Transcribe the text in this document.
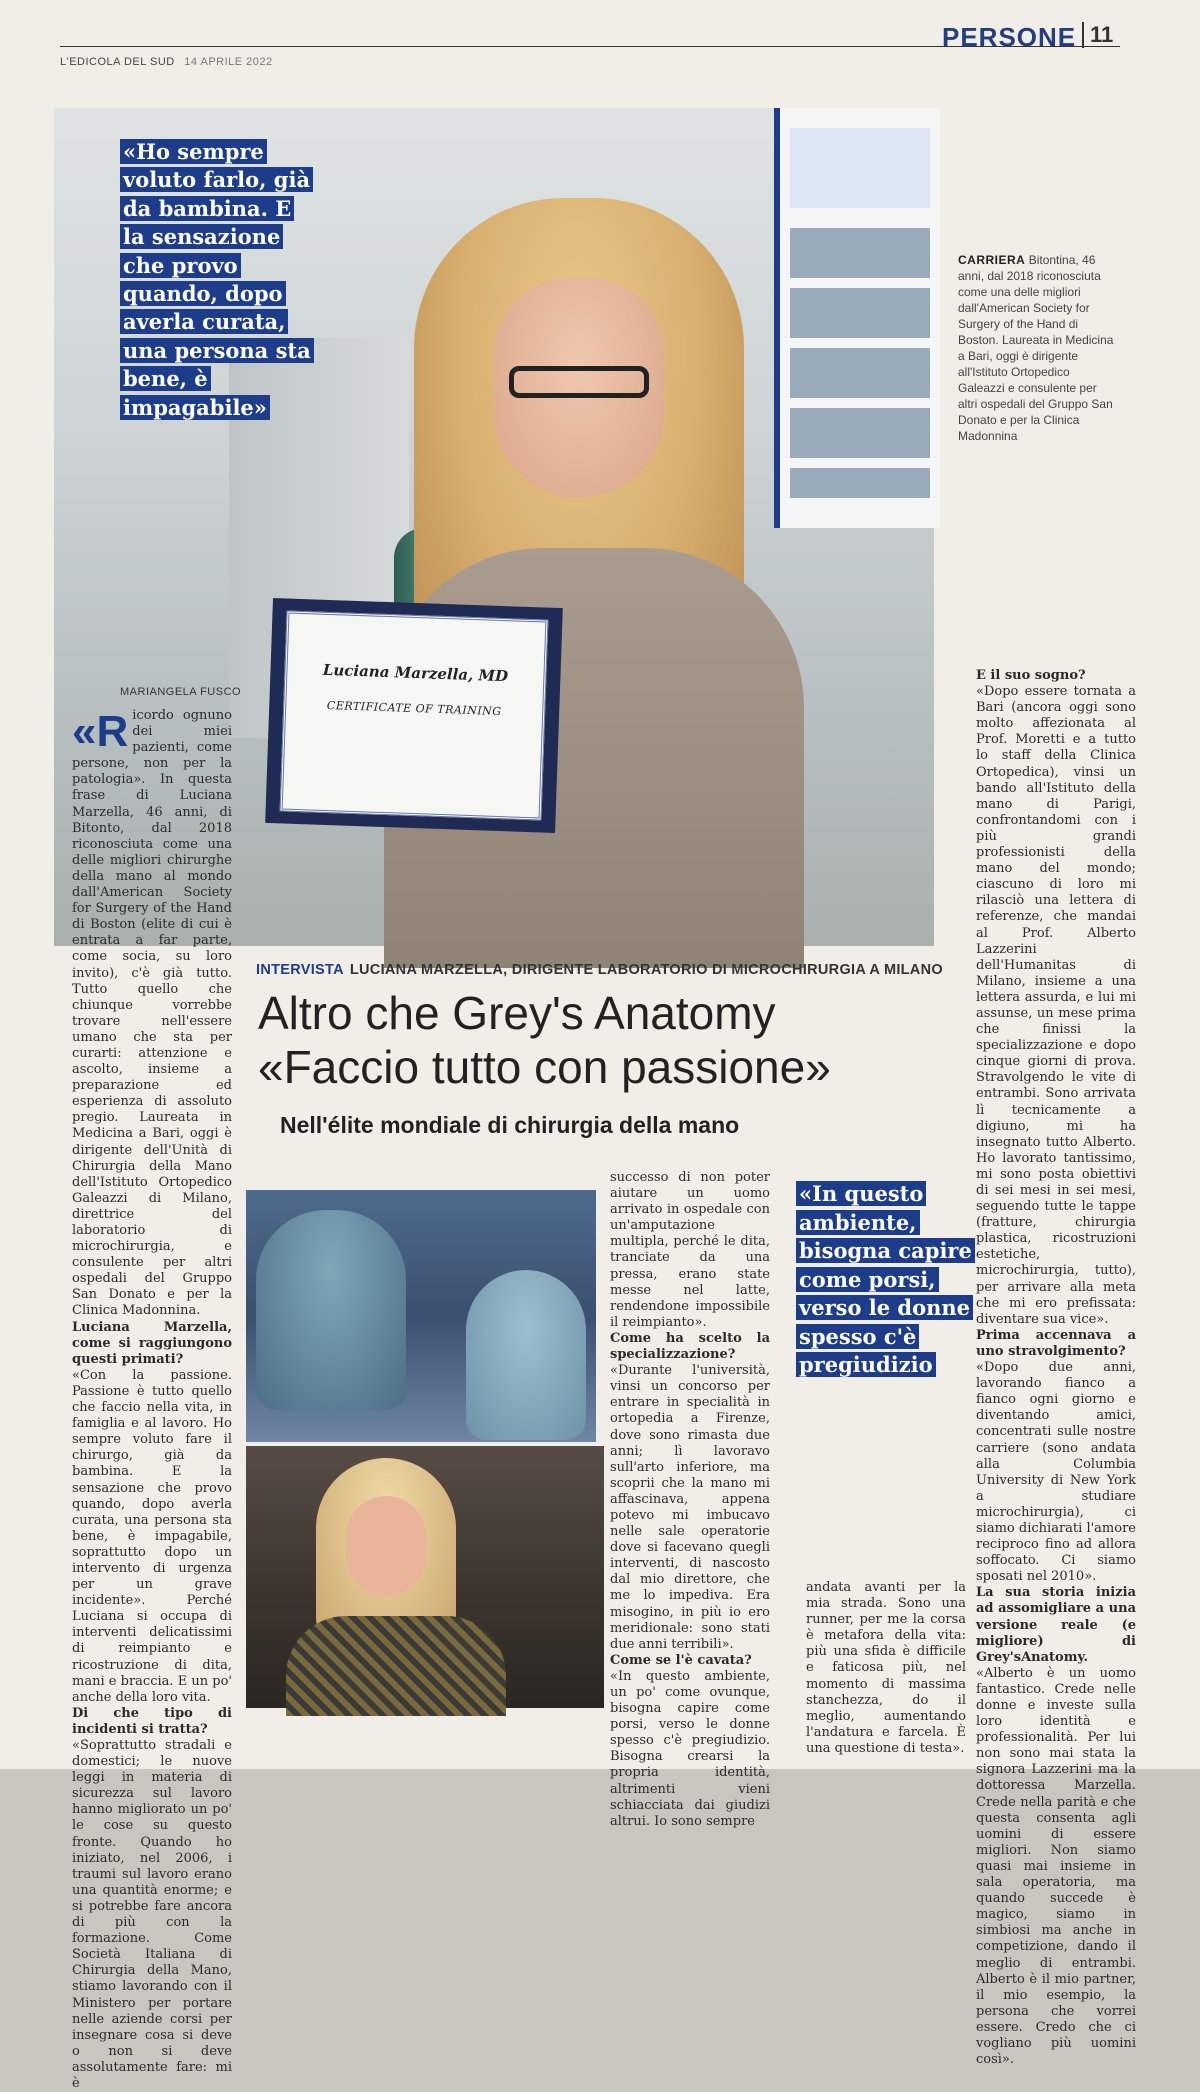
L'EDICOLA DEL SUD 14 APRILE 2022
PERSONE 11
Luciana Marzella, MD
CERTIFICATE OF TRAINING
«Ho sempre voluto farlo, già da bambina. E la sensazione che provo quando, dopo averla curata, una persona sta bene, è impagabile»
CARRIERA Bitontina, 46 anni, dal 2018 riconosciuta come una delle migliori dall'American Society for Surgery of the Hand di Boston. Laureata in Medicina a Bari, oggi è dirigente all'Istituto Ortopedico Galeazzi e consulente per altri ospedali del Gruppo San Donato e per la Clinica Madonnina
INTERVISTA LUCIANA MARZELLA, DIRIGENTE LABORATORIO DI MICROCHIRURGIA A MILANO
Altro che Grey's Anatomy
«Faccio tutto con passione»
Nell'élite mondiale di chirurgia della mano
MARIANGELA FUSCO

«Ricordo ognuno dei miei pazienti, come persone, non per la patologia». In questa frase di Luciana Marzella, 46 anni, di Bitonto, dal 2018 riconosciuta come una delle migliori chirurghe della mano al mondo dall'American Society for Surgery of the Hand di Boston (elite di cui è entrata a far parte, come socia, su loro invito), c'è già tutto. Tutto quello che chiunque vorrebbe trovare nell'essere umano che sta per curarti: attenzione e ascolto, insieme a preparazione ed esperienza di assoluto pregio. Laureata in Medicina a Bari, oggi è dirigente dell'Unità di Chirurgia della Mano dell'Istituto Ortopedico Galeazzi di Milano, direttrice del laboratorio di microchirurgia, e consulente per altri ospedali del Gruppo San Donato e per la Clinica Madonnina.

Luciana Marzella, come si raggiungono questi primati?

«Con la passione. Passione è tutto quello che faccio nella vita, in famiglia e al lavoro. Ho sempre voluto fare il chirurgo, già da bambina. E la sensazione che provo quando, dopo averla curata, una persona sta bene, è impagabile, soprattutto dopo un intervento di urgenza per un grave incidente». Perché Luciana si occupa di interventi delicatissimi di reimpianto e ricostruzione di dita, mani e braccia. E un po' anche della loro vita.

Di che tipo di incidenti si tratta?

«Soprattutto stradali e domestici; le nuove leggi in materia di sicurezza sul lavoro hanno migliorato un po' le cose su questo fronte. Quando ho iniziato, nel 2006, i traumi sul lavoro erano una quantità enorme; e si potrebbe fare ancora di più con la formazione. Come Società Italiana di Chirurgia della Mano, stiamo lavorando con il Ministero per portare nelle aziende corsi per insegnare cosa si deve o non si deve assolutamente fare: mi è

successo di non poter aiutare un uomo arrivato in ospedale con un'amputazione multipla, perché le dita, tranciate da una pressa, erano state messe nel latte, rendendone impossibile il reimpianto».

Come ha scelto la specializzazione?

«Durante l'università, vinsi un concorso per entrare in specialità in ortopedia a Firenze, dove sono rimasta due anni; lì lavoravo sull'arto inferiore, ma scoprii che la mano mi affascinava, appena potevo mi imbucavo nelle sale operatorie dove si facevano quegli interventi, di nascosto dal mio direttore, che me lo impediva. Era misogino, in più io ero meridionale: sono stati due anni terribili».

Come se l'è cavata?

«In questo ambiente, un po' come ovunque, bisogna capire come porsi, verso le donne spesso c'è pregiudizio. Bisogna crearsi la propria identità, altrimenti vieni schiacciata dai giudizi altrui. Io sono sempre

«In questo ambiente, bisogna capire come porsi, verso le donne spesso c'è pregiudizio

andata avanti per la mia strada. Sono una runner, per me la corsa è metafora della vita: più una sfida è difficile e faticosa più, nel momento di massima stanchezza, do il meglio, aumentando l'andatura e farcela. È una questione di testa».

E il suo sogno?

«Dopo essere tornata a Bari (ancora oggi sono molto affezionata al Prof. Moretti e a tutto lo staff della Clinica Ortopedica), vinsi un bando all'Istituto della mano di Parigi, confrontandomi con i più grandi professionisti della mano del mondo; ciascuno di loro mi rilasciò una lettera di referenze, che mandai al Prof. Alberto Lazzerini dell'Humanitas di Milano, insieme a una lettera assurda, e lui mi assunse, un mese prima che finissi la specializzazione e dopo cinque giorni di prova. Stravolgendo le vite di entrambi. Sono arrivata lì tecnicamente a digiuno, mi ha insegnato tutto Alberto. Ho lavorato tantissimo, mi sono posta obiettivi di sei mesi in sei mesi, seguendo tutte le tappe (fratture, chirurgia plastica, ricostruzioni estetiche, microchirurgia, tutto), per arrivare alla meta che mi ero prefissata: diventare sua vice».

Prima accennava a uno stravolgimento?

«Dopo due anni, lavorando fianco a fianco ogni giorno e diventando amici, concentrati sulle nostre carriere (sono andata alla Columbia University di New York a studiare microchirurgia), ci siamo dichiarati l'amore reciproco fino ad allora soffocato. Ci siamo sposati nel 2010».

La sua storia inizia ad assomigliare a una versione reale (e migliore) di Grey'sAnatomy.

«Alberto è un uomo fantastico. Crede nelle donne e investe sulla loro identità e professionalità. Per lui non sono mai stata la signora Lazzerini ma la dottoressa Marzella. Crede nella parità e che questa consenta agli uomini di essere migliori. Non siamo quasi mai insieme in sala operatoria, ma quando succede è magico, siamo in simbiosi ma anche in competizione, dando il meglio di entrambi. Alberto è il mio partner, il mio esempio, la persona che vorrei essere. Credo che ci vogliano più uomini così».
